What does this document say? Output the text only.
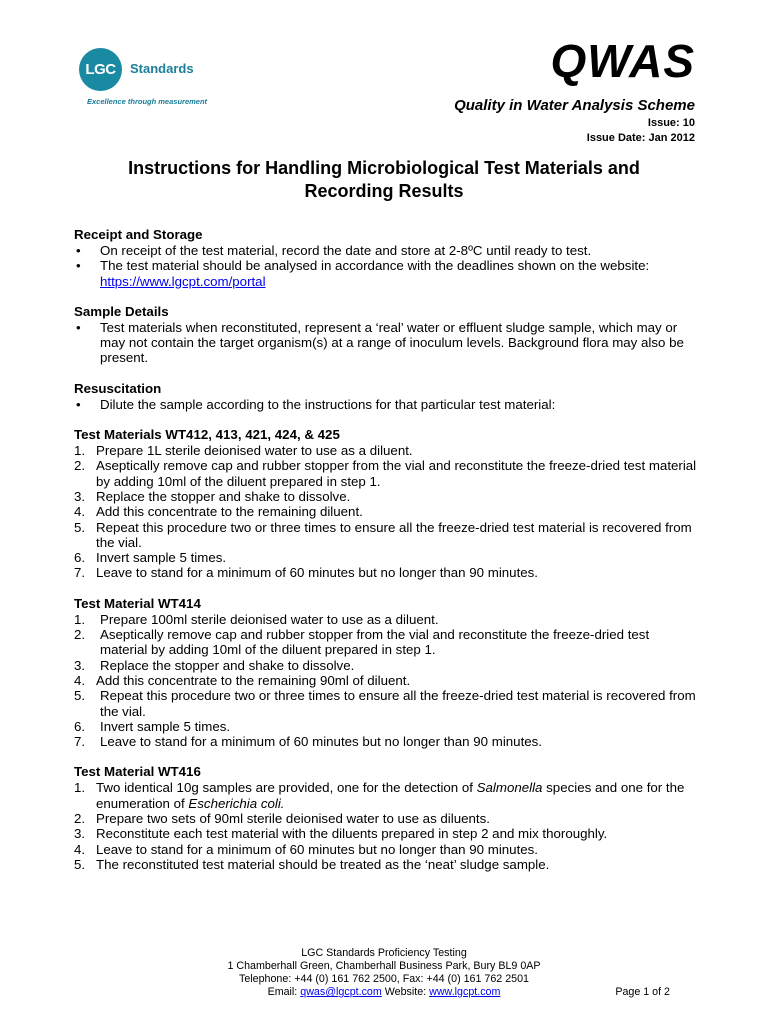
LGC	Standards
Excellence through measurement
QWAS
Quality in Water Analysis Scheme
Issue: 10
Issue Date: Jan 2012
Instructions for Handling Microbiological Test Materials and
Recording Results
Receipt and Storage
• On receipt of the test material, record the date and store at 2-8ºC until ready to test.
• The test material should be analysed in accordance with the deadlines shown on the website:
https://www.lgcpt.com/portal
Sample Details
• Test materials when reconstituted, represent a ‘real’ water or effluent sludge sample, which may or may not contain the target organism(s) at a range of inoculum levels. Background flora may also be present.
Resuscitation
• Dilute the sample according to the instructions for that particular test material:
Test Materials WT412, 413, 421, 424, & 425
1. Prepare 1L sterile deionised water to use as a diluent.
2. Aseptically remove cap and rubber stopper from the vial and reconstitute the freeze-dried test material by adding 10ml of the diluent prepared in step 1.
3. Replace the stopper and shake to dissolve.
4. Add this concentrate to the remaining diluent.
5. Repeat this procedure two or three times to ensure all the freeze-dried test material is recovered from the vial.
6. Invert sample 5 times.
7. Leave to stand for a minimum of 60 minutes but no longer than 90 minutes.
Test Material WT414
1. Prepare 100ml sterile deionised water to use as a diluent.
2. Aseptically remove cap and rubber stopper from the vial and reconstitute the freeze-dried test material by adding 10ml of the diluent prepared in step 1.
3. Replace the stopper and shake to dissolve.
4. Add this concentrate to the remaining 90ml of diluent.
5. Repeat this procedure two or three times to ensure all the freeze-dried test material is recovered from the vial.
6. Invert sample 5 times.
7. Leave to stand for a minimum of 60 minutes but no longer than 90 minutes.
Test Material WT416
1. Two identical 10g samples are provided, one for the detection of Salmonella species and one for the enumeration of Escherichia coli.
2. Prepare two sets of 90ml sterile deionised water to use as diluents.
3. Reconstitute each test material with the diluents prepared in step 2 and mix thoroughly.
4. Leave to stand for a minimum of 60 minutes but no longer than 90 minutes.
5. The reconstituted test material should be treated as the ‘neat’ sludge sample.
LGC Standards Proficiency Testing
1 Chamberhall Green, Chamberhall Business Park, Bury BL9 0AP
Telephone: +44 (0) 161 762 2500, Fax: +44 (0) 161 762 2501
Email: qwas@lgcpt.com Website: www.lgcpt.com	Page 1 of 2
